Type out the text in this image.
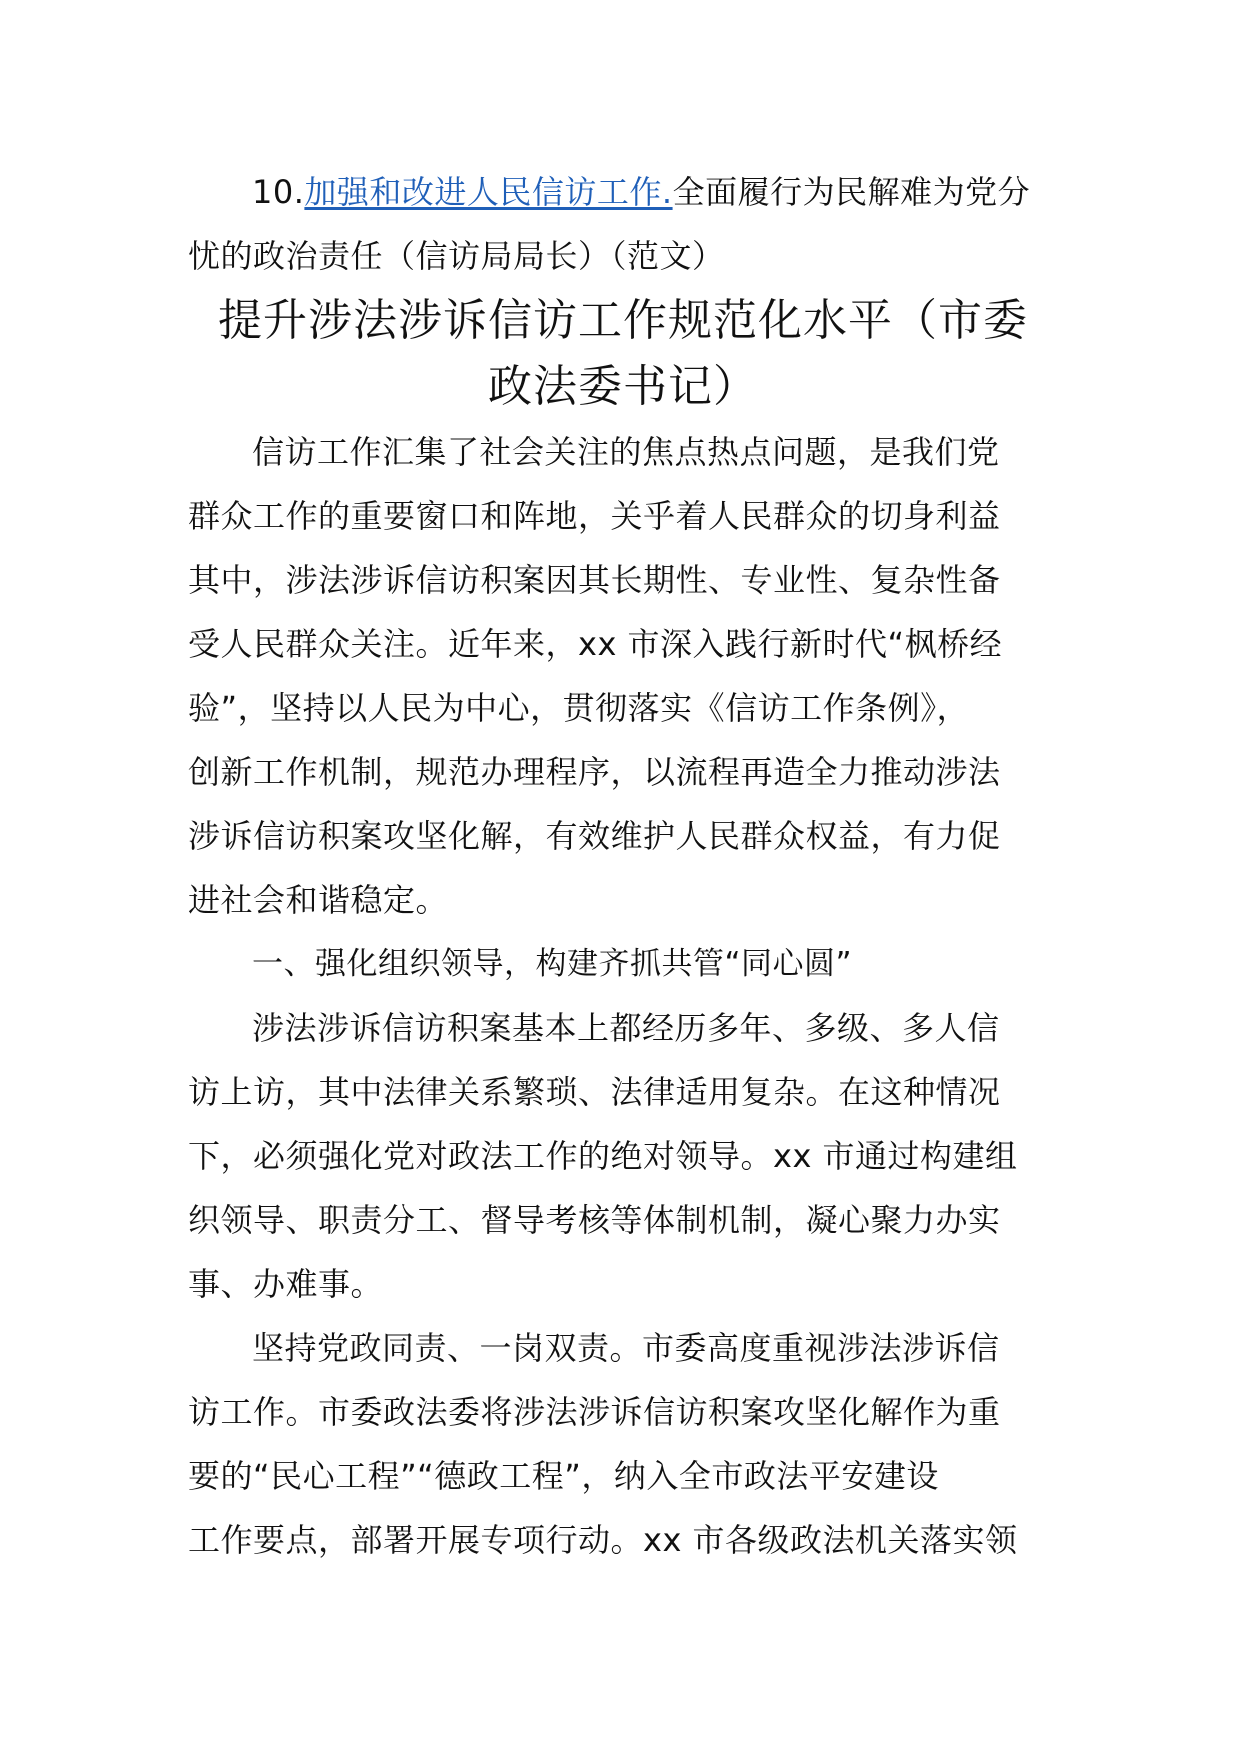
10.加强和改进人民信访工作.全面履行为民解难为党分
忧的政治责任（信访局局长）（范文）
提升涉法涉诉信访工作规范化水平（市委
政法委书记）
信访工作汇集了社会关注的焦点热点问题，是我们党
群众工作的重要窗口和阵地，关乎着人民群众的切身利益
其中，涉法涉诉信访积案因其长期性、专业性、复杂性备
受人民群众关注。近年来，xx 市深入践行新时代“枫桥经
验”，坚持以人民为中心，贯彻落实《信访工作条例》，
创新工作机制，规范办理程序，以流程再造全力推动涉法
涉诉信访积案攻坚化解，有效维护人民群众权益，有力促
进社会和谐稳定。
一、强化组织领导，构建齐抓共管“同心圆”
涉法涉诉信访积案基本上都经历多年、多级、多人信
访上访，其中法律关系繁琐、法律适用复杂。在这种情况
下，必须强化党对政法工作的绝对领导。xx 市通过构建组
织领导、职责分工、督导考核等体制机制，凝心聚力办实
事、办难事。
坚持党政同责、一岗双责。市委高度重视涉法涉诉信
访工作。市委政法委将涉法涉诉信访积案攻坚化解作为重
要的“民心工程”“德政工程”，纳入全市政法平安建设
工作要点，部署开展专项行动。xx 市各级政法机关落实领
